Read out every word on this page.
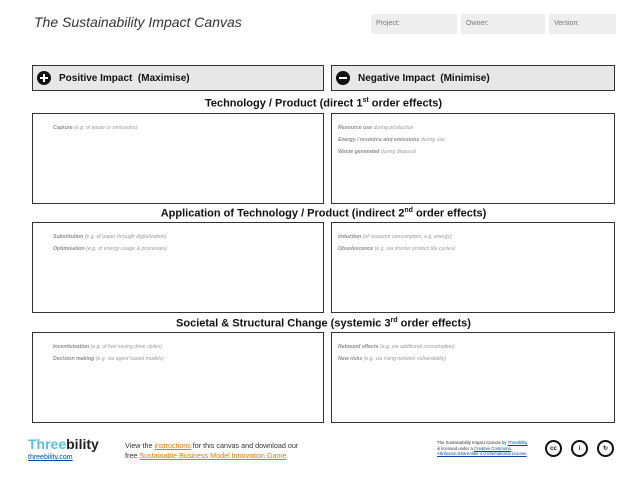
The Sustainability Impact Canvas	Project:	Owner:	Version:
Positive Impact  (Maximise)	Negative Impact  (Minimise)
Technology / Product (direct 1st order effects)
Capture (e.g. of waste or emissions)	Resource use during production
Energy / resource and emissions during use
Waste generated during disposal
Application of Technology / Product (indirect 2nd order effects)
Substitution (e.g. of paper through digitalization)
Optimisation (e.g. of energy usage & processes)
Induction (of resource consumption, e.g. energy)
Obsolescence (e.g. via shorter product life cycles)
Societal & Structural Change (systemic 3rd order effects)
Incentivization (e.g. of fuel saving drive styles)
Decision making (e.g. via agent based models)
Rebound effects (e.g. via additional consumption)
New risks (e.g. via rising network vulnerability)
Threebility
threebility.com
View the instructions for this canvas and download our
free Sustainable Business Model Innovation Game
The Sustainability Impact Canvas by Threebility
is licensed under a Creative Commons
Attribution-ShareAlike 4.0 International License.
cc	i	↻
